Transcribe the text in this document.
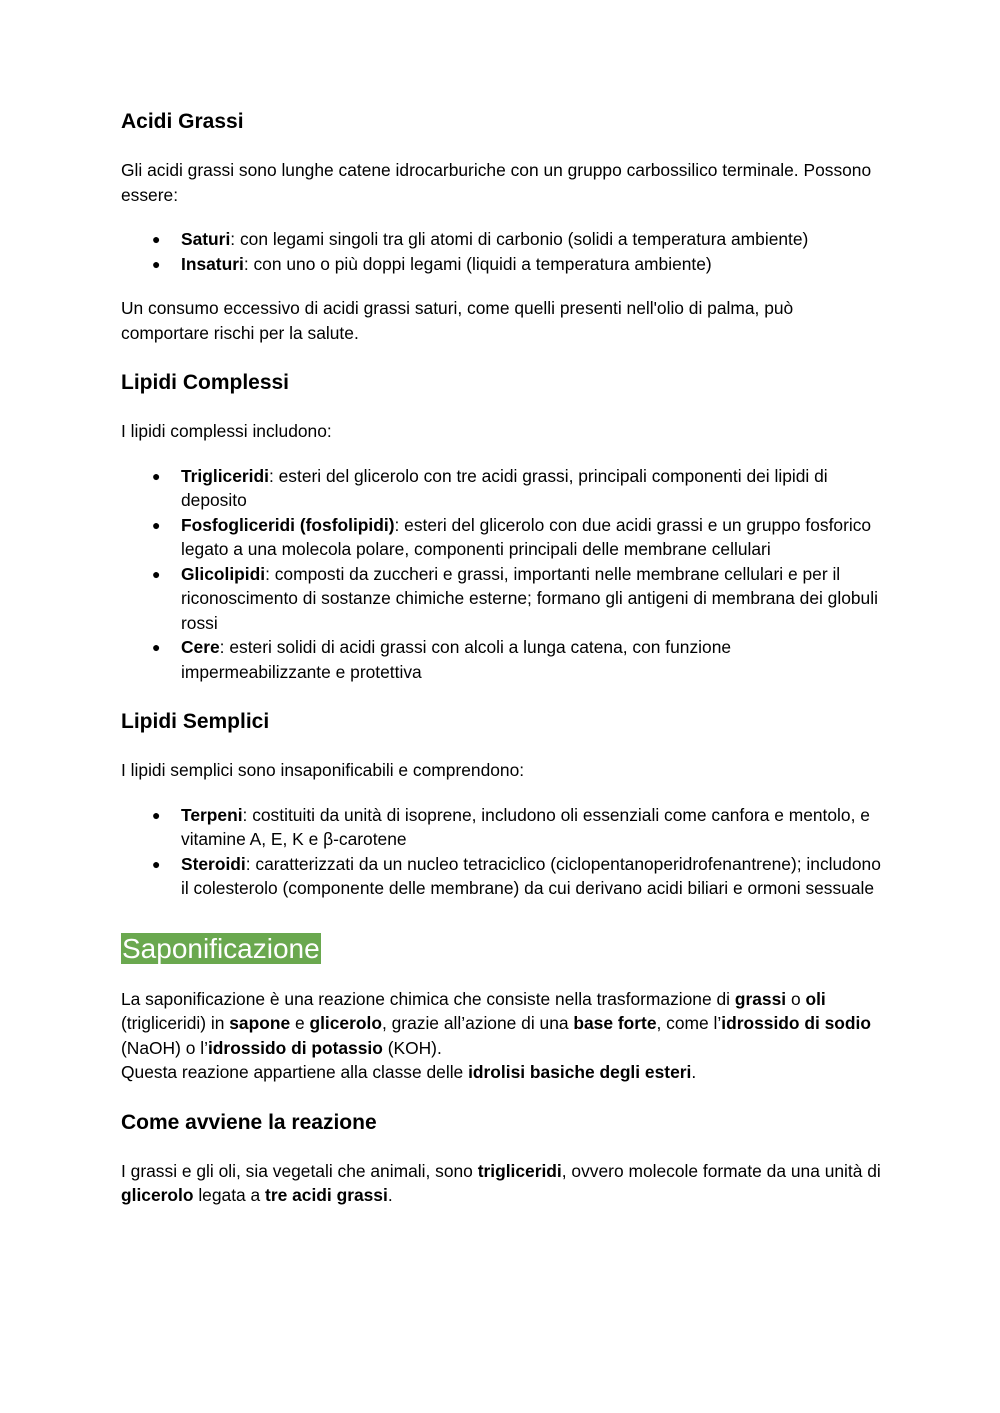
Acidi Grassi

Gli acidi grassi sono lunghe catene idrocarburiche con un gruppo carbossilico terminale. Possono essere:

● Saturi: con legami singoli tra gli atomi di carbonio (solidi a temperatura ambiente)
● Insaturi: con uno o più doppi legami (liquidi a temperatura ambiente)

Un consumo eccessivo di acidi grassi saturi, come quelli presenti nell'olio di palma, può comportare rischi per la salute.

Lipidi Complessi

I lipidi complessi includono:

● Trigliceridi: esteri del glicerolo con tre acidi grassi, principali componenti dei lipidi di deposito
● Fosfogliceridi (fosfolipidi): esteri del glicerolo con due acidi grassi e un gruppo fosforico legato a una molecola polare, componenti principali delle membrane cellulari
● Glicolipidi: composti da zuccheri e grassi, importanti nelle membrane cellulari e per il riconoscimento di sostanze chimiche esterne; formano gli antigeni di membrana dei globuli rossi
● Cere: esteri solidi di acidi grassi con alcoli a lunga catena, con funzione impermeabilizzante e protettiva
Lipidi Semplici

I lipidi semplici sono insaponificabili e comprendono:

● Terpeni: costituiti da unità di isoprene, includono oli essenziali come canfora e mentolo, e vitamine A, E, K e β-carotene
● Steroidi: caratterizzati da un nucleo tetraciclico (ciclopentanoperidrofenantrene); includono il colesterolo (componente delle membrane) da cui derivano acidi biliari e ormoni sessuale
Saponificazione

La saponificazione è una reazione chimica che consiste nella trasformazione di grassi o oli (trigliceridi) in sapone e glicerolo, grazie all’azione di una base forte, come l’idrossido di sodio (NaOH) o l’idrossido di potassio (KOH).

Questa reazione appartiene alla classe delle idrolisi basiche degli esteri.

Come avviene la reazione

I grassi e gli oli, sia vegetali che animali, sono trigliceridi, ovvero molecole formate da una unità di glicerolo legata a tre acidi grassi.
